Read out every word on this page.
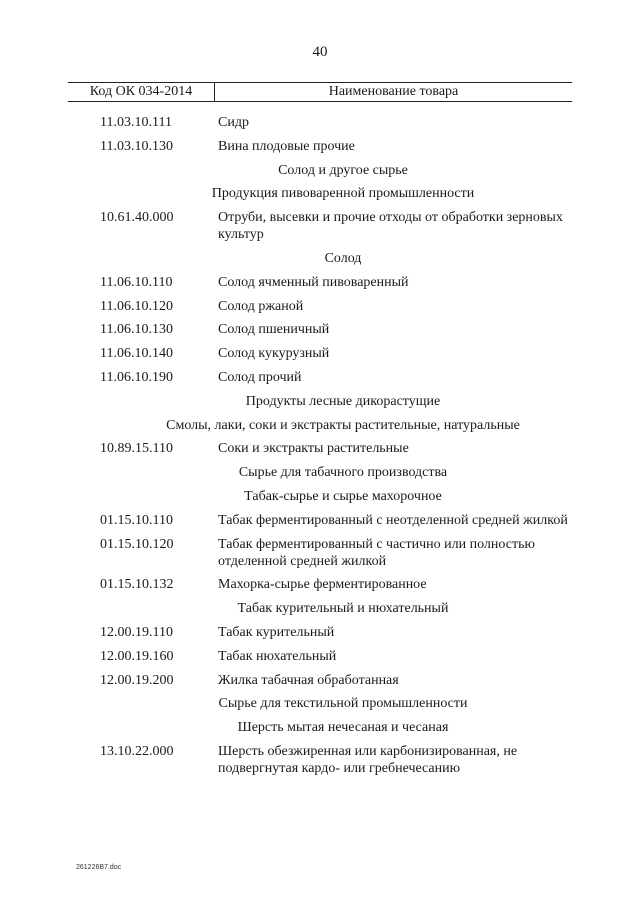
40
Код ОК 034-2014	Наименование товара
11.03.10.111	Сидр
11.03.10.130	Вина плодовые прочие
Солод и другое сырье
Продукция пивоваренной промышленности
10.61.40.000	Отруби, высевки и прочие отходы от обработки зерновых культур
Солод
11.06.10.110	Солод ячменный пивоваренный
11.06.10.120	Солод ржаной
11.06.10.130	Солод пшеничный
11.06.10.140	Солод кукурузный
11.06.10.190	Солод прочий
Продукты лесные дикорастущие
Смолы, лаки, соки и экстракты растительные, натуральные
10.89.15.110	Соки и экстракты растительные
Сырье для табачного производства
Табак-сырье и сырье махорочное
01.15.10.110	Табак ферментированный с неотделенной средней жилкой
01.15.10.120	Табак ферментированный с частично или полностью отделенной средней жилкой
01.15.10.132	Махорка-сырье ферментированное
Табак курительный и нюхательный
12.00.19.110	Табак курительный
12.00.19.160	Табак нюхательный
12.00.19.200	Жилка табачная обработанная
Сырье для текстильной промышленности
Шерсть мытая нечесаная и чесаная
13.10.22.000	Шерсть обезжиренная или карбонизированная, не подвергнутая кардо- или гребнечесанию
261226B7.doc
